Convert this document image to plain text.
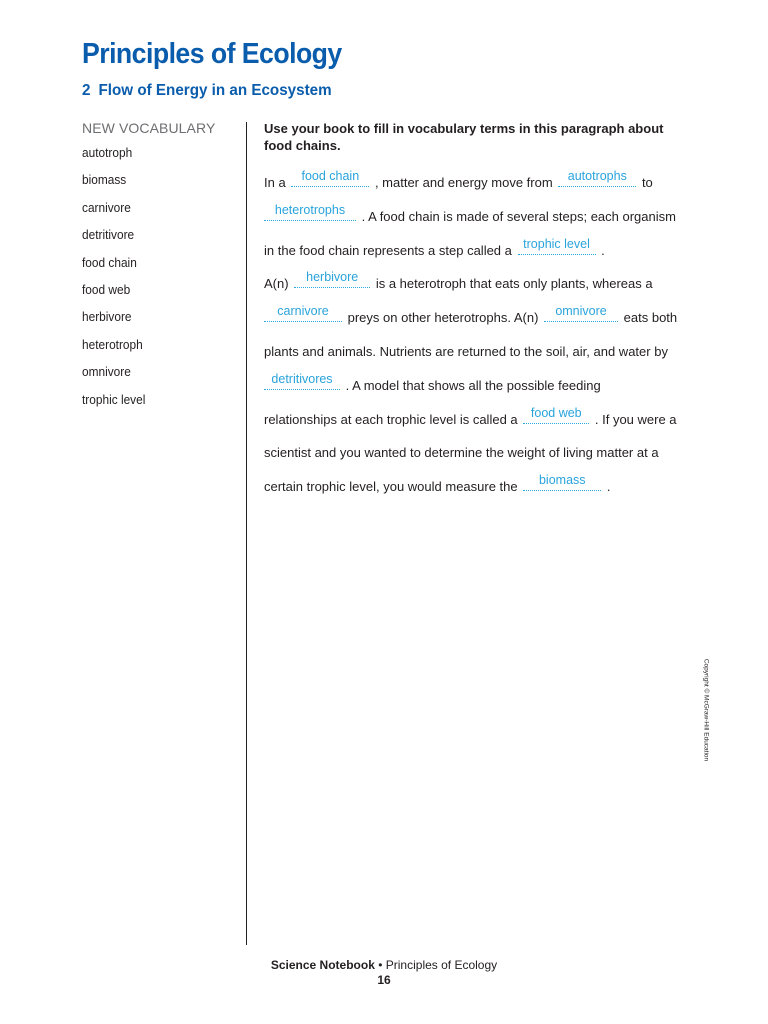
Principles of Ecology
2 Flow of Energy in an Ecosystem
NEW VOCABULARY
autotroph
biomass
carnivore
detritivore
food chain
food web
herbivore
heterotroph
omnivore
trophic level

Use your book to fill in vocabulary terms in this paragraph about food chains.

In a	food chain	, matter and energy move from	autotrophs	to

heterotrophs	. A food chain is made of several steps; each organism
in the food chain represents a step called a trophic level .
A(n)	herbivore	is a heterotroph that eats only plants, whereas a

carnivore	preys on other heterotrophs. A(n)	omnivore	eats both
plants and animals. Nutrients are returned to the soil, air, and water by

detritivores	. A model that shows all the possible feeding
relationships at each trophic level is called a	food web	. If you were a
scientist and you wanted to determine the weight of living matter at a
certain trophic level, you would measure the	biomass	.

Copyright © McGraw-Hill Education
Science Notebook • Principles of Ecology
16
